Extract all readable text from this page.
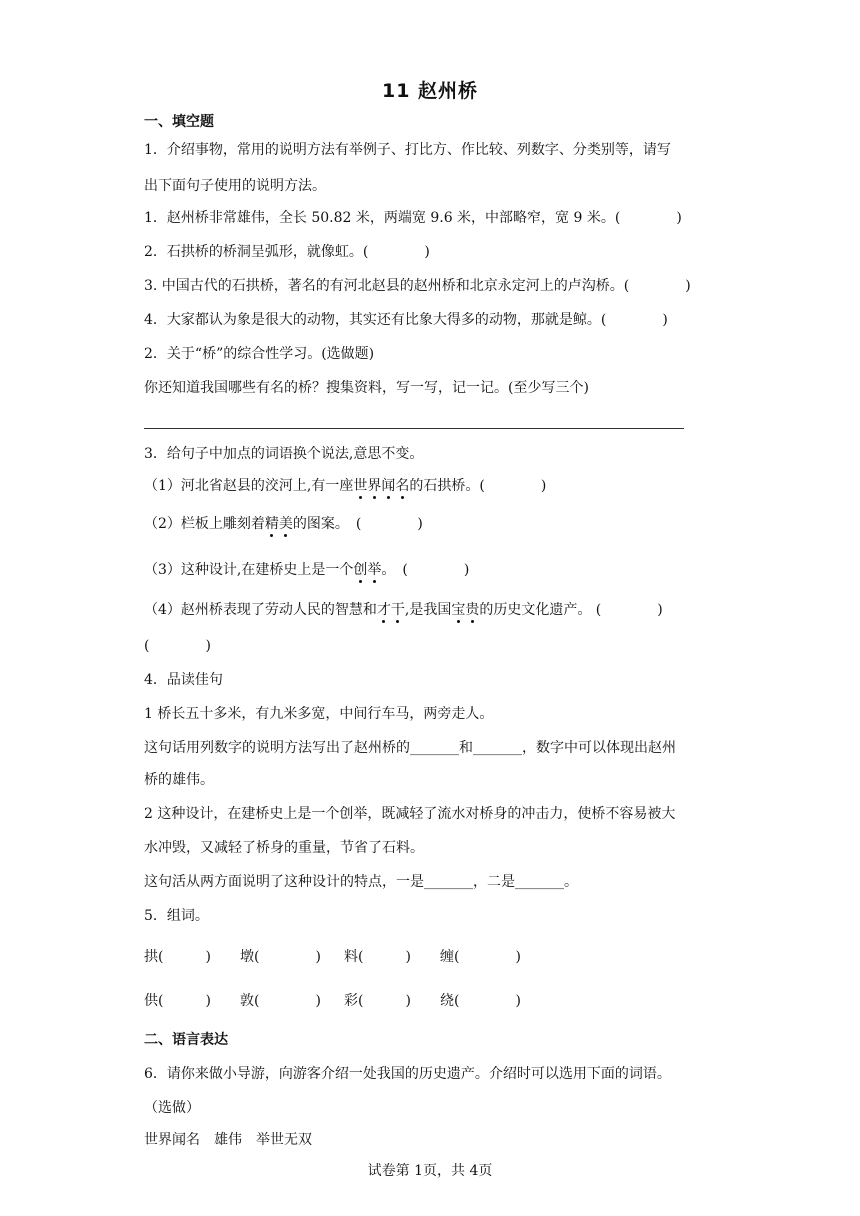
11 赵州桥
一、填空题
1．介绍事物，常用的说明方法有举例子、打比方、作比较、列数字、分类别等，请写
出下面句子使用的说明方法。
1．赵州桥非常雄伟，全长 50.82 米，两端宽 9.6 米，中部略窄，宽 9 米。(　　　　)
2．石拱桥的桥洞呈弧形，就像虹。(　　　　)
3. 中国古代的石拱桥，著名的有河北赵县的赵州桥和北京永定河上的卢沟桥。(　　　　)
4．大家都认为象是很大的动物，其实还有比象大得多的动物，那就是鲸。(　　　　)
2．关于“桥”的综合性学习。(选做题)
你还知道我国哪些有名的桥？搜集资料，写一写，记一记。(至少写三个)
3．给句子中加点的词语换个说法,意思不变。
（1）河北省赵县的洨河上,有一座世界闻名的石拱桥。(　　　　)
（2）栏板上雕刻着精美的图案。　(　　　　)
（3）这种设计,在建桥史上是一个创举。　(　　　　)
（4）赵州桥表现了劳动人民的智慧和才干,是我国宝贵的历史文化遗产。 (　　　　)
(　　　　)
4．品读佳句
1 桥长五十多米，有九米多宽，中间行车马，两旁走人。
这句话用列数字的说明方法写出了赵州桥的_______和_______，数字中可以体现出赵州
桥的雄伟。
2 这种设计，在建桥史上是一个创举，既减轻了流水对桥身的冲击力，使桥不容易被大
水冲毁，又减轻了桥身的重量，节省了石料。
这句活从两方面说明了这种设计的特点，一是_______，二是_______。
5．组词。
拱(　　　) 墩(　　　　) 料(　　　) 缠(　　　　)
供(　　　) 敦(　　　　) 彩(　　　) 绕(　　　　)
二、语言表达
6．请你来做小导游，向游客介绍一处我国的历史遗产。介绍时可以选用下面的词语。
（选做）
世界闻名　雄伟　举世无双
试卷第 1页，共 4页
